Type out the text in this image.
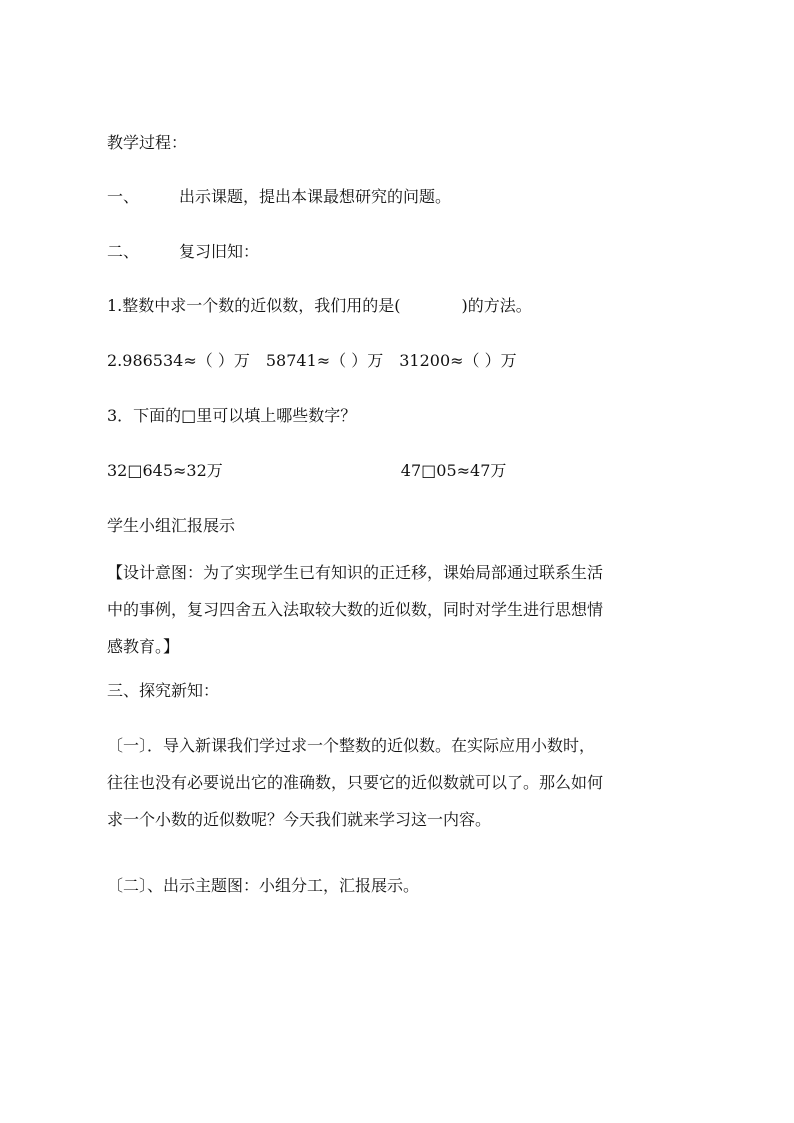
教学过程：
一、	出示课题，提出本课最想研究的问题。
二、	复习旧知：
1.整数中求一个数的近似数，我们用的是(            )的方法。
2.986534≈（ ）万 58741≈（ ）万 31200≈（ ）万
3．下面的□里可以填上哪些数字？
32□645≈32万	47□05≈47万
学生小组汇报展示
【设计意图：为了实现学生已有知识的正迁移，课始局部通过联系生活
中的事例，复习四舍五入法取较大数的近似数，同时对学生进行思想情
感教育。】
三、探究新知：
〔一〕．导入新课我们学过求一个整数的近似数。在实际应用小数时，
往往也没有必要说出它的准确数，只要它的近似数就可以了。那么如何
求一个小数的近似数呢？今天我们就来学习这一内容。
〔二〕、出示主题图：小组分工，汇报展示。
